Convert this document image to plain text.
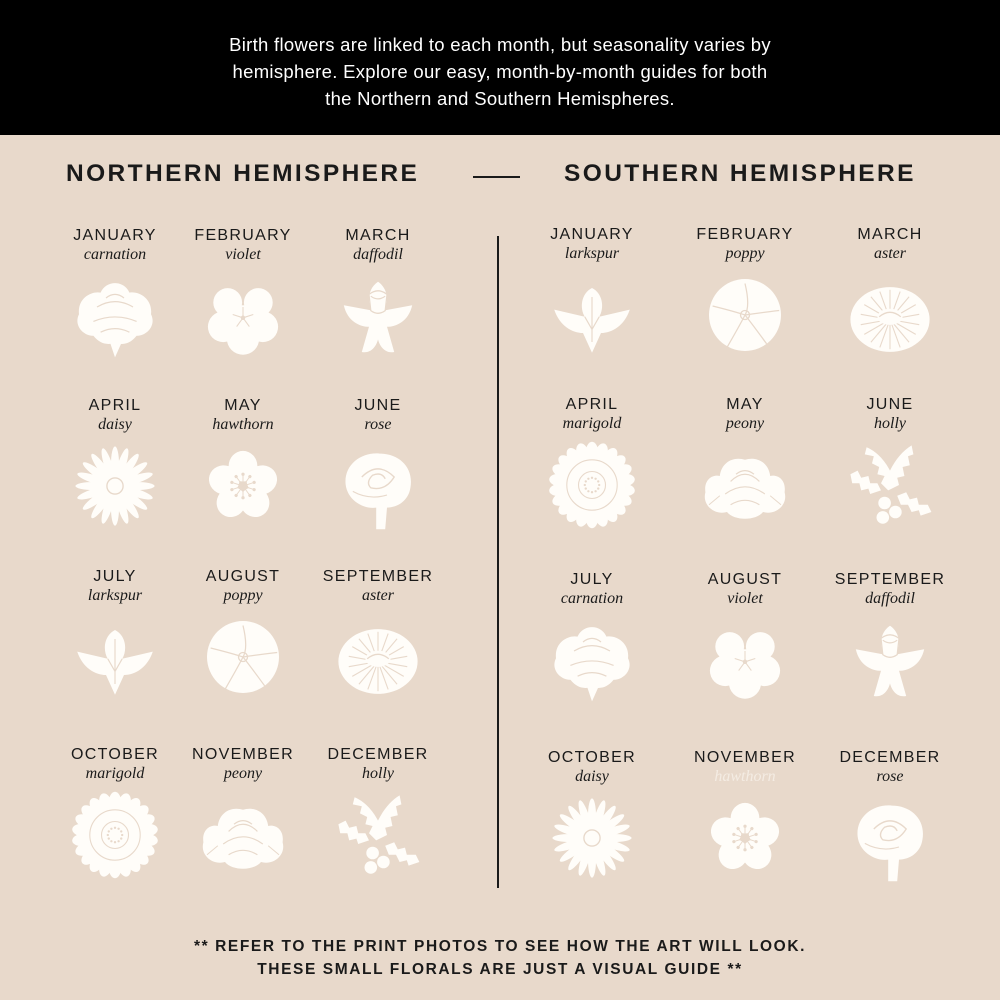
Birth flowers are linked to each month, but seasonality varies by
hemisphere. Explore our easy, month-by-month guides for both
the Northern and Southern Hemispheres.

NORTHERN HEMISPHERE	SOUTHERN HEMISPHERE
JANUARY
carnation
FEBRUARY
violet
MARCH
daffodil
APRIL
daisy
MAY
hawthorn
JUNE
rose
JULY
larkspur
AUGUST
poppy
SEPTEMBER
aster
OCTOBER
marigold
NOVEMBER
peony
DECEMBER
holly
JANUARY
larkspur
FEBRUARY
poppy
MARCH
aster
APRIL
marigold
MAY
peony
JUNE
holly
JULY
carnation
AUGUST
violet
SEPTEMBER
daffodil
OCTOBER
daisy
NOVEMBER
hawthorn
DECEMBER
rose
** REFER TO THE PRINT PHOTOS TO SEE HOW THE ART WILL LOOK.
THESE SMALL FLORALS ARE JUST A VISUAL GUIDE **
